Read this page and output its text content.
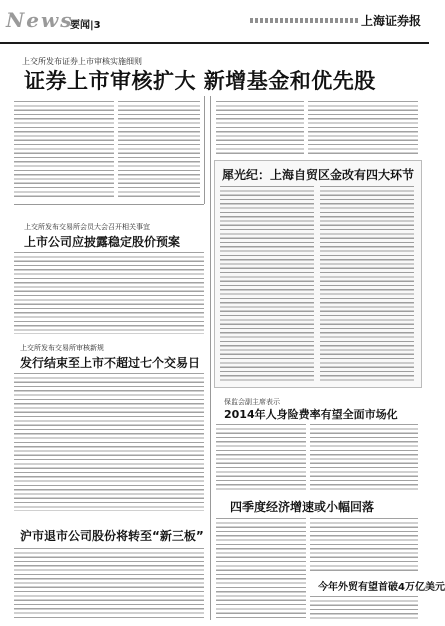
News
要闻|3	上海证券报
上交所发布证券上市审核实施细则
证券上市审核扩大 新增基金和优先股
上交所发布交易所会员大会召开相关事宜
上市公司应披露稳定股价预案
上交所发布交易所审核新规
发行结束至上市不超过七个交易日
沪市退市公司股份将转至“新三板”
犀光纪：上海自贸区金改有四大环节
保监会副主席表示
2014年人身险费率有望全面市场化
四季度经济增速或小幅回落
今年外贸有望首破4万亿美元
